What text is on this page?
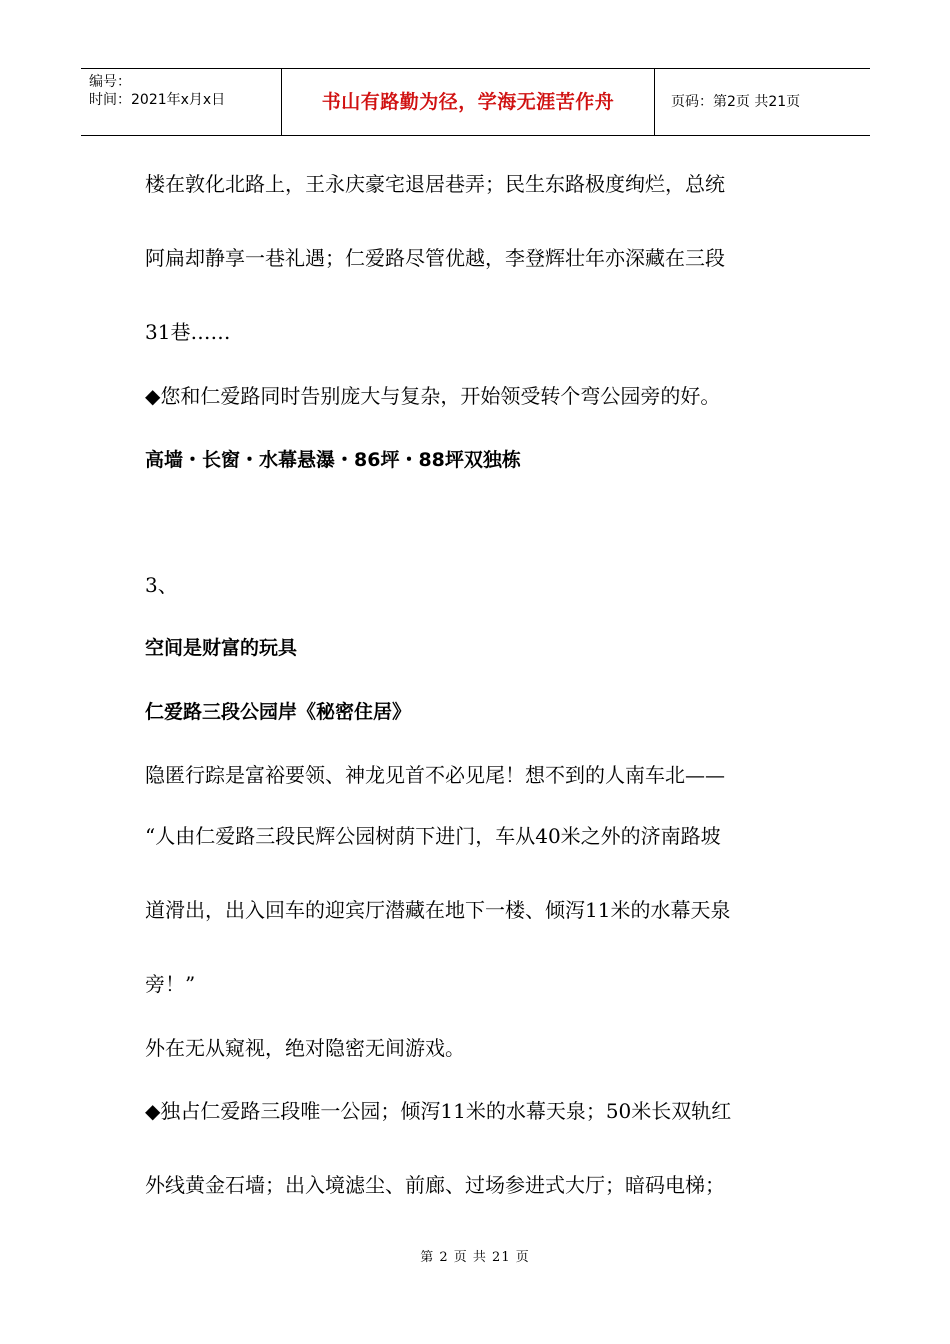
编号：
时间：2021年x月x日	书山有路勤为径，学海无涯苦作舟	页码：第2页 共21页
楼在敦化北路上，王永庆豪宅退居巷弄；民生东路极度绚烂，总统
阿扁却静享一巷礼遇；仁爱路尽管优越，李登辉壮年亦深藏在三段
31巷……
◆您和仁爱路同时告别庞大与复杂，开始领受转个弯公园旁的好。
高墙・长窗・水幕悬瀑・86坪・88坪双独栋
3、
空间是财富的玩具
仁爱路三段公园岸《秘密住居》
隐匿行踪是富裕要领、神龙见首不必见尾！想不到的人南车北——
“人由仁爱路三段民辉公园树荫下进门，车从40米之外的济南路坡
道滑出，出入回车的迎宾厅潜藏在地下一楼、倾泻11米的水幕天泉
旁！”
外在无从窥视，绝对隐密无间游戏。
◆独占仁爱路三段唯一公园；倾泻11米的水幕天泉；50米长双轨红
外线黄金石墙；出入境滤尘、前廊、过场参进式大厅；暗码电梯；
第 2 页 共 21 页
